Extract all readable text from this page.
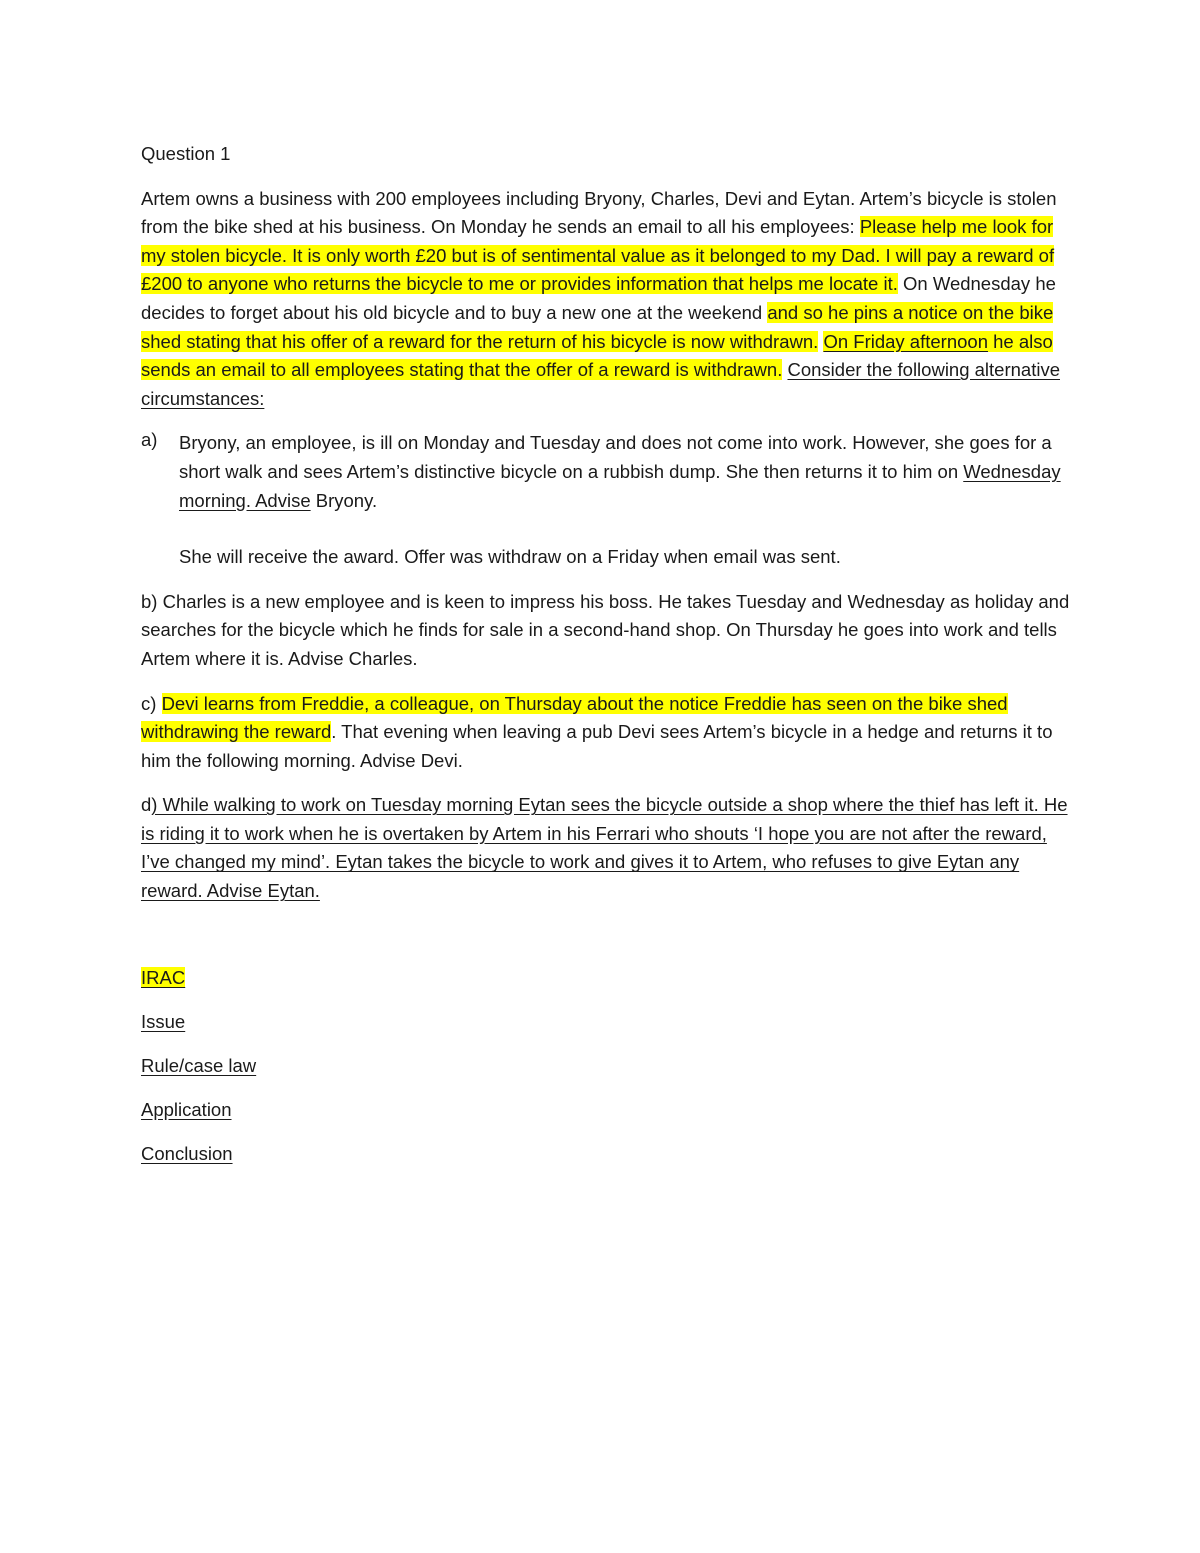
Question 1

Artem owns a business with 200 employees including Bryony, Charles, Devi and Eytan. Artem’s bicycle is stolen from the bike shed at his business. On Monday he sends an email to all his employees: Please help me look for my stolen bicycle. It is only worth £20 but is of sentimental value as it belonged to my Dad. I will pay a reward of £200 to anyone who returns the bicycle to me or provides information that helps me locate it. On Wednesday he decides to forget about his old bicycle and to buy a new one at the weekend and so he pins a notice on the bike shed stating that his offer of a reward for the return of his bicycle is now withdrawn. On Friday afternoon he also sends an email to all employees stating that the offer of a reward is withdrawn. Consider the following alternative circumstances:

a)	Bryony, an employee, is ill on Monday and Tuesday and does not come into work. However, she goes for a short walk and sees Artem’s distinctive bicycle on a rubbish dump. She then returns it to him on Wednesday morning. Advise Bryony.

She will receive the award. Offer was withdraw on a Friday when email was sent.

b) Charles is a new employee and is keen to impress his boss. He takes Tuesday and Wednesday as holiday and searches for the bicycle which he finds for sale in a second-hand shop. On Thursday he goes into work and tells Artem where it is. Advise Charles.

c) Devi learns from Freddie, a colleague, on Thursday about the notice Freddie has seen on the bike shed withdrawing the reward. That evening when leaving a pub Devi sees Artem’s bicycle in a hedge and returns it to him the following morning. Advise Devi.

d) While walking to work on Tuesday morning Eytan sees the bicycle outside a shop where the thief has left it. He is riding it to work when he is overtaken by Artem in his Ferrari who shouts ‘I hope you are not after the reward, I’ve changed my mind’. Eytan takes the bicycle to work and gives it to Artem, who refuses to give Eytan any reward. Advise Eytan.

IRAC

Issue

Rule/case law

Application

Conclusion
